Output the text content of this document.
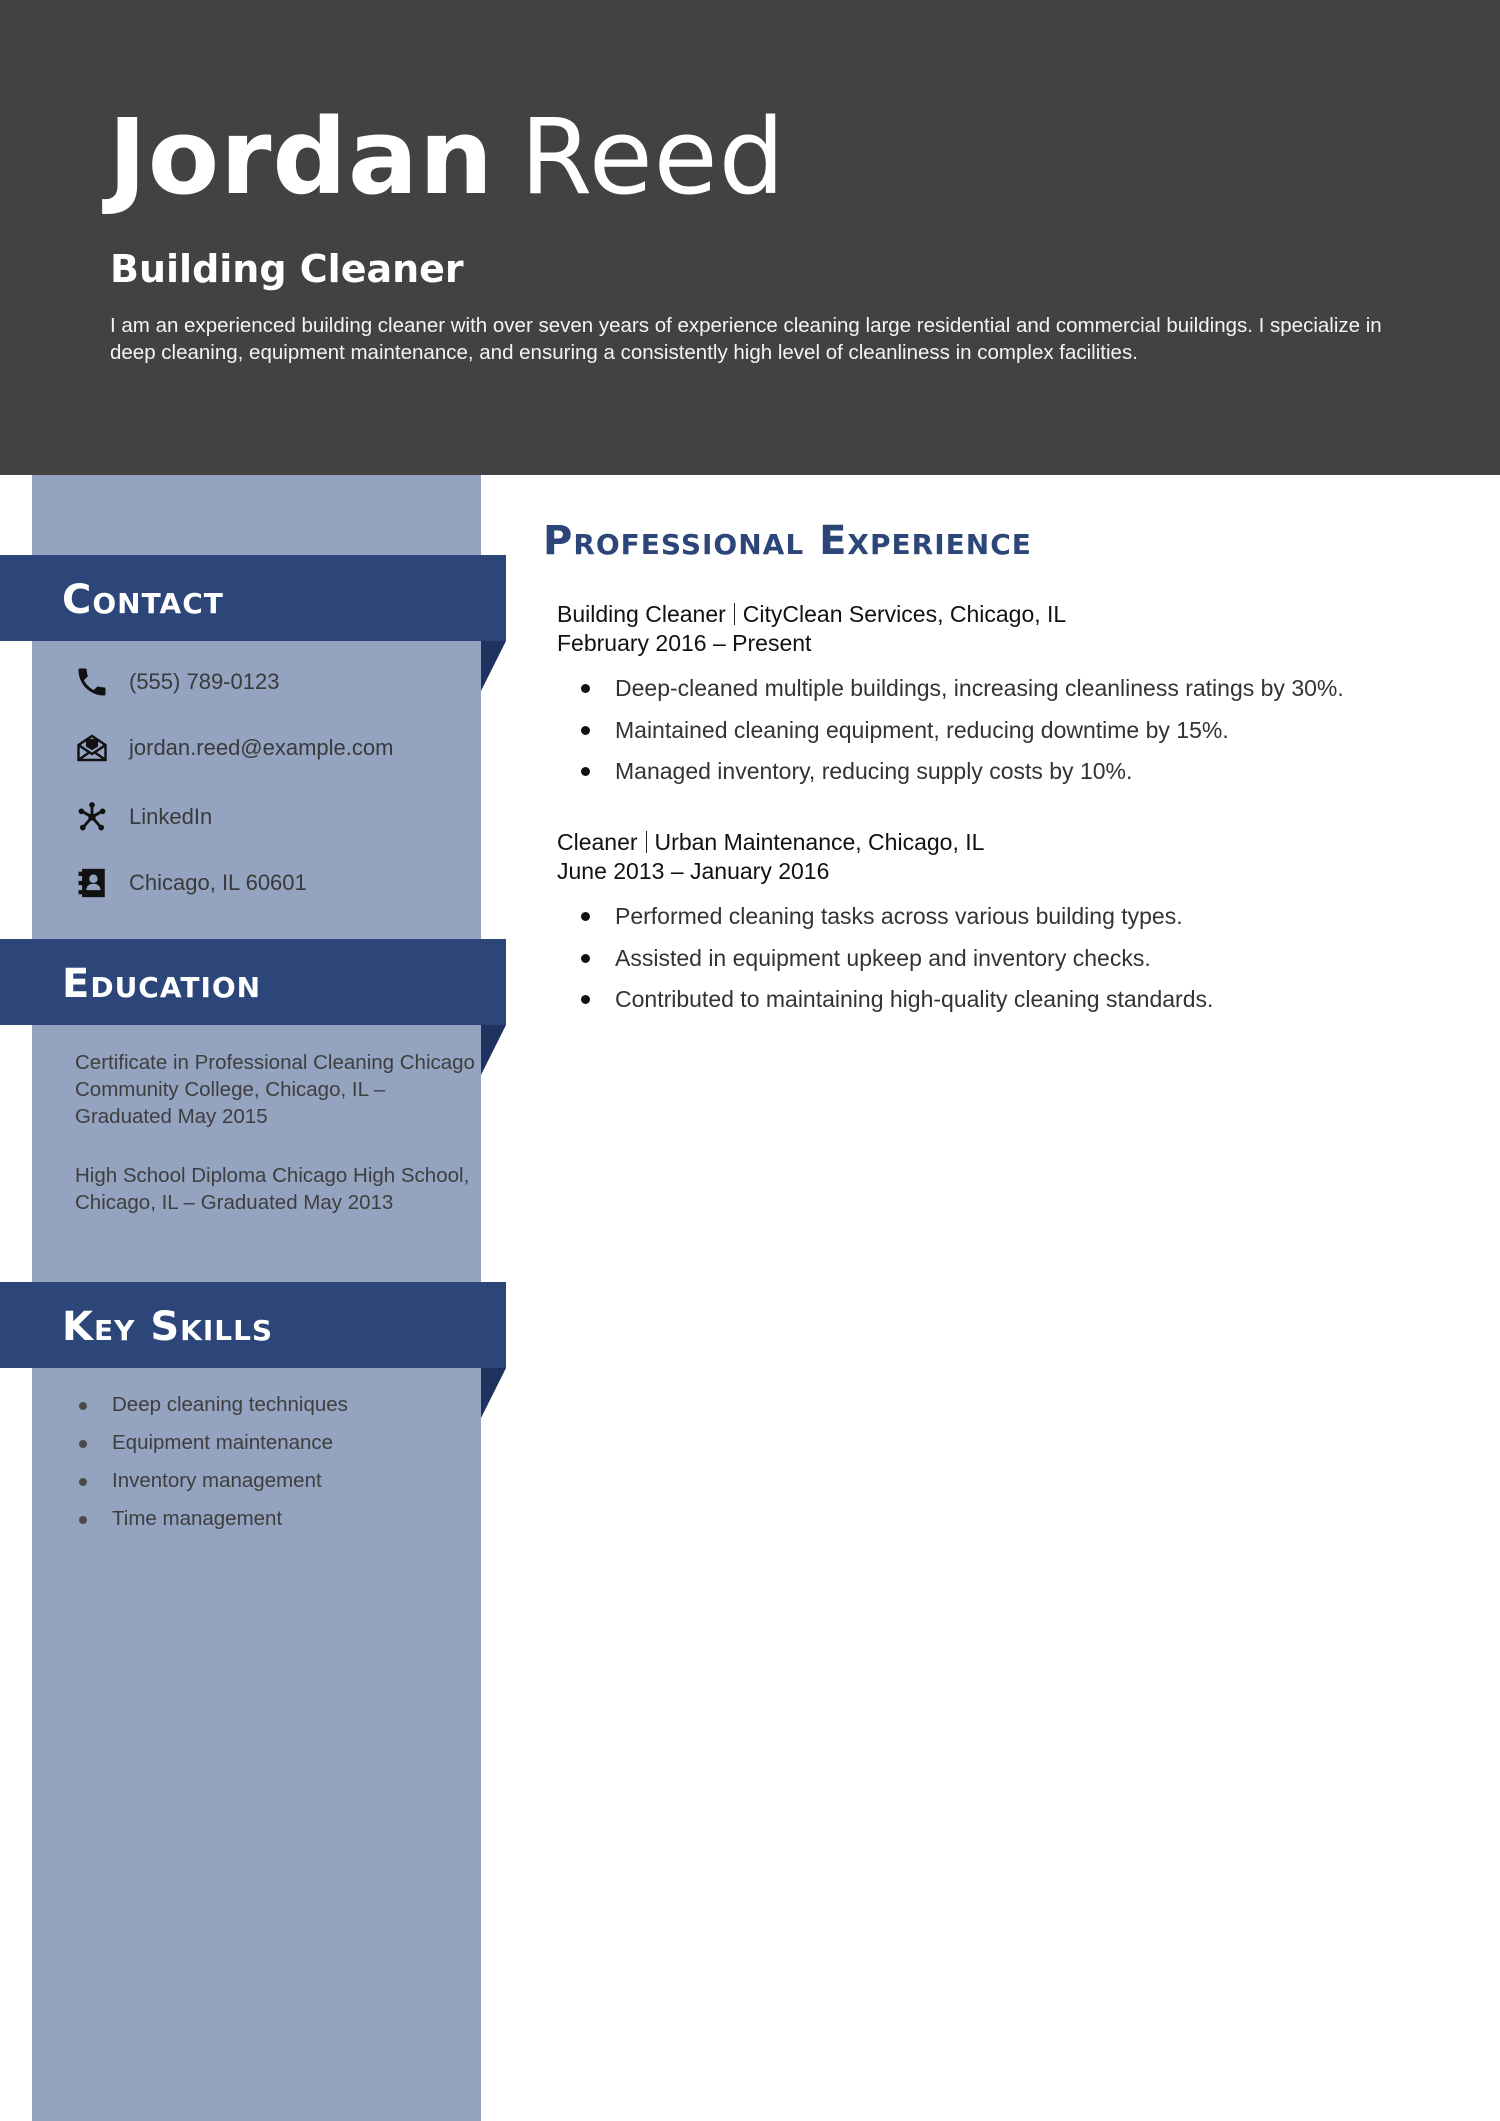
Jordan Reed
Building Cleaner
I am an experienced building cleaner with over seven years of experience cleaning large residential and commercial buildings. I specialize in deep cleaning, equipment maintenance, and ensuring a consistently high level of cleanliness in complex facilities.
Contact
(555) 789-0123
jordan.reed@example.com
LinkedIn
Chicago, IL 60601
Education
Certificate in Professional Cleaning Chicago Community College, Chicago, IL – Graduated May 2015
High School Diploma Chicago High School, Chicago, IL – Graduated May 2013
Key Skills
Deep cleaning techniques
Equipment maintenance
Inventory management
Time management
Professional Experience
Building Cleaner CityClean Services, Chicago, IL
February 2016 – Present
Deep-cleaned multiple buildings, increasing cleanliness ratings by 30%.
Maintained cleaning equipment, reducing downtime by 15%.
Managed inventory, reducing supply costs by 10%.
Cleaner Urban Maintenance, Chicago, IL
June 2013 – January 2016
Performed cleaning tasks across various building types.
Assisted in equipment upkeep and inventory checks.
Contributed to maintaining high-quality cleaning standards.
